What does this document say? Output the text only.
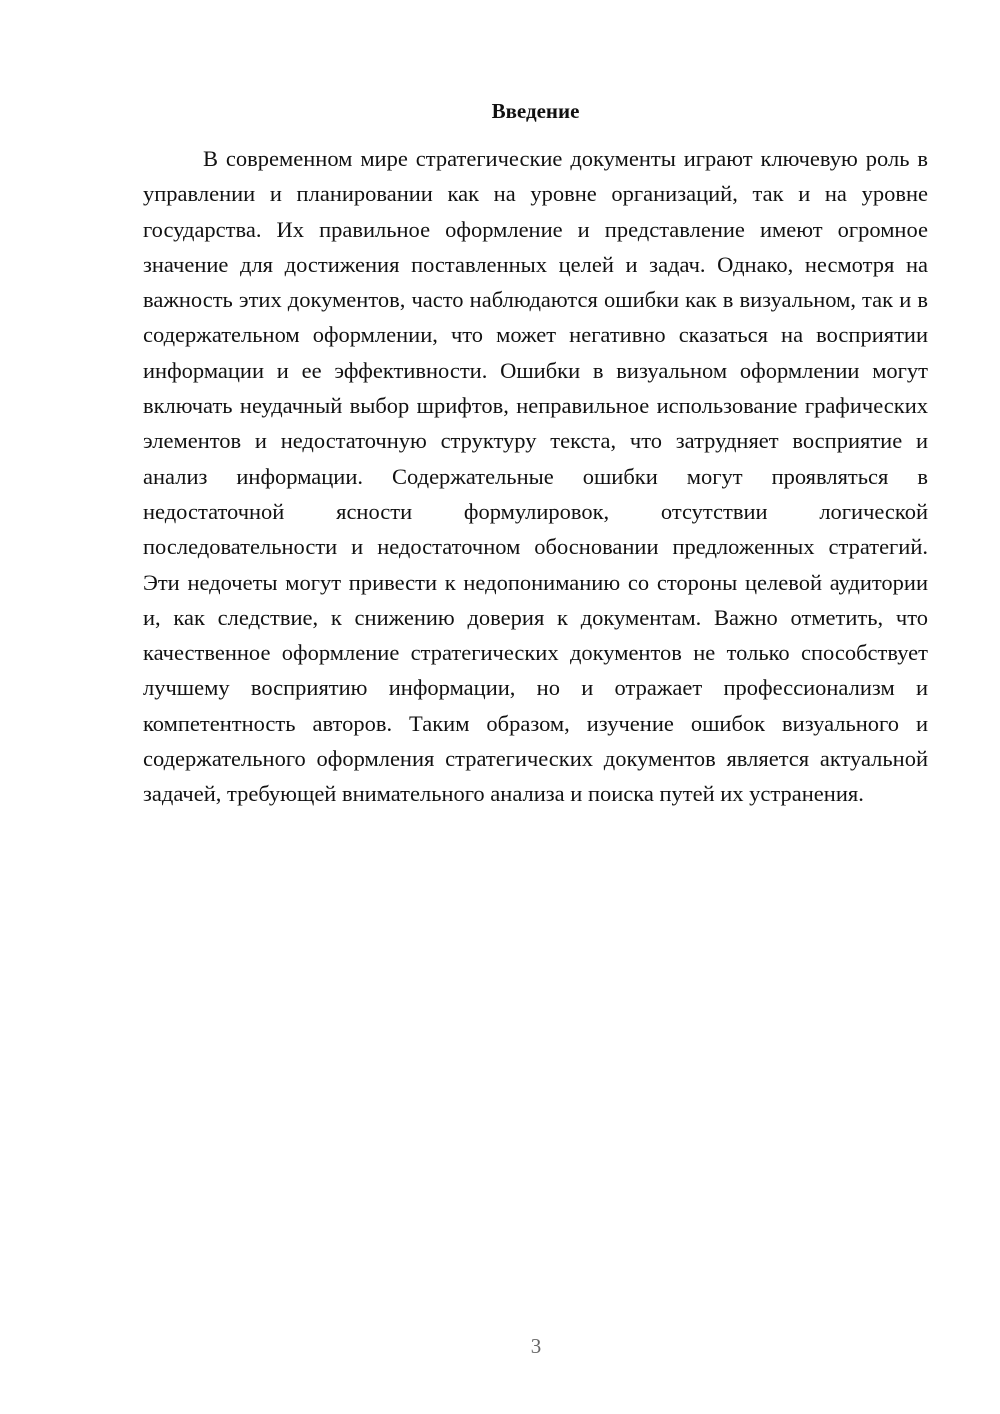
Введение

В современном мире стратегические документы играют ключевую роль в управлении и планировании как на уровне организаций, так и на уровне государства. Их правильное оформление и представление имеют огромное значение для достижения поставленных целей и задач. Однако, несмотря на важность этих документов, часто наблюдаются ошибки как в визуальном, так и в содержательном оформлении, что может негативно сказаться на восприятии информации и ее эффективности. Ошибки в визуальном оформлении могут включать неудачный выбор шрифтов, неправильное использование графических элементов и недостаточную структуру текста, что затрудняет восприятие и анализ информации. Содержательные ошибки могут проявляться в недостаточной ясности формулировок, отсутствии логической последовательности и недостаточном обосновании предложенных стратегий. Эти недочеты могут привести к недопониманию со стороны целевой аудитории и, как следствие, к снижению доверия к документам. Важно отметить, что качественное оформление стратегических документов не только способствует лучшему восприятию информации, но и отражает профессионализм и компетентность авторов. Таким образом, изучение ошибок визуального и содержательного оформления стратегических документов является актуальной задачей, требующей внимательного анализа и поиска путей их устранения.

3
